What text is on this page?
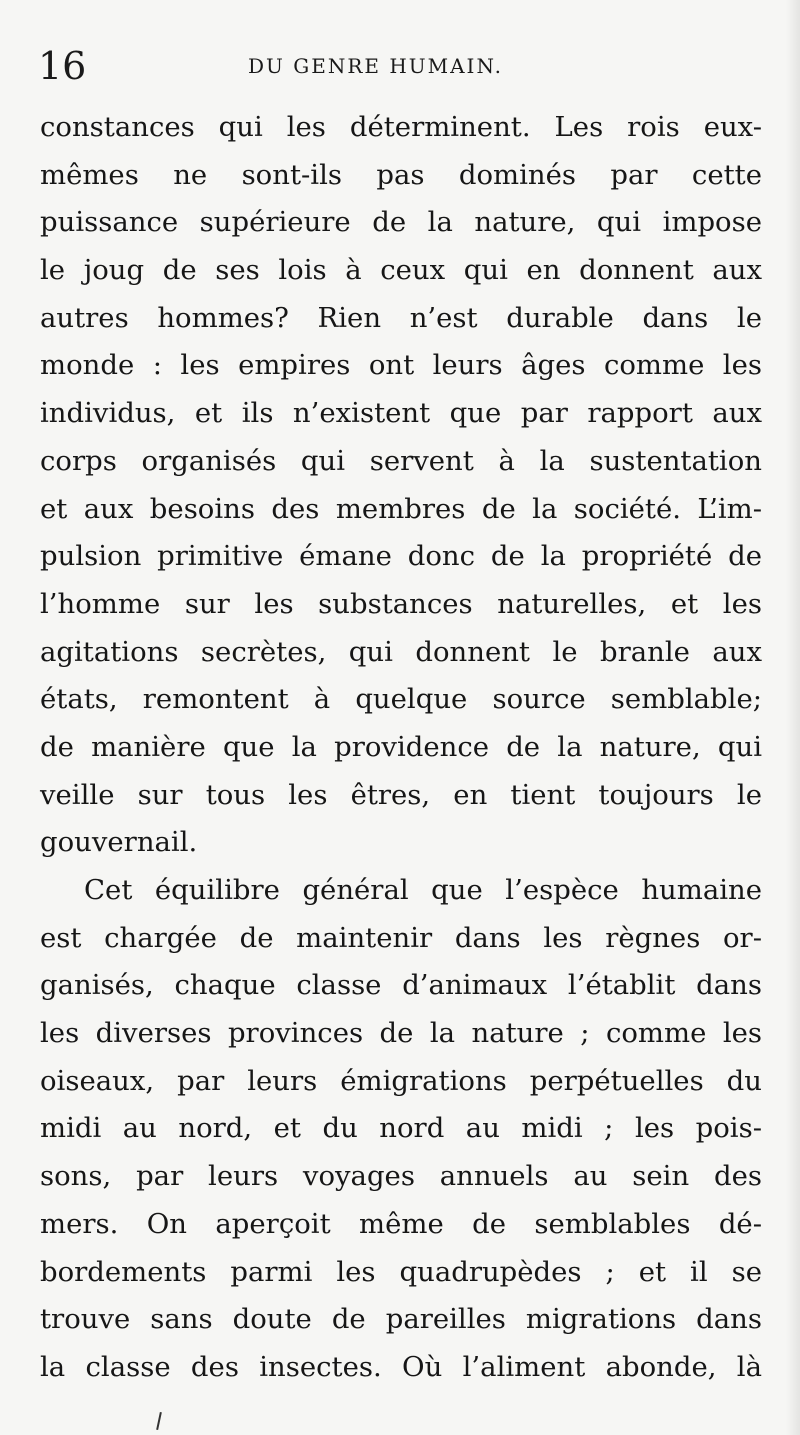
16	DU GENRE HUMAIN.
constances qui les déterminent. Les rois eux-
mêmes ne sont-ils pas dominés par cette
puissance supérieure de la nature, qui impose
le joug de ses lois à ceux qui en donnent aux
autres hommes? Rien n’est durable dans le
monde : les empires ont leurs âges comme les
individus, et ils n’existent que par rapport aux
corps organisés qui servent à la sustentation
et aux besoins des membres de la société. L’im-
pulsion primitive émane donc de la propriété de
l’homme sur les substances naturelles, et les
agitations secrètes, qui donnent le branle aux
états, remontent à quelque source semblable;
de manière que la providence de la nature, qui
veille sur tous les êtres, en tient toujours le
gouvernail.
Cet équilibre général que l’espèce humaine
est chargée de maintenir dans les règnes or-
ganisés, chaque classe d’animaux l’établit dans
les diverses provinces de la nature ; comme les
oiseaux, par leurs émigrations perpétuelles du
midi au nord, et du nord au midi ; les pois-
sons, par leurs voyages annuels au sein des
mers. On aperçoit même de semblables dé-
bordements parmi les quadrupèdes ; et il se
trouve sans doute de pareilles migrations dans
la classe des insectes. Où l’aliment abonde, là
